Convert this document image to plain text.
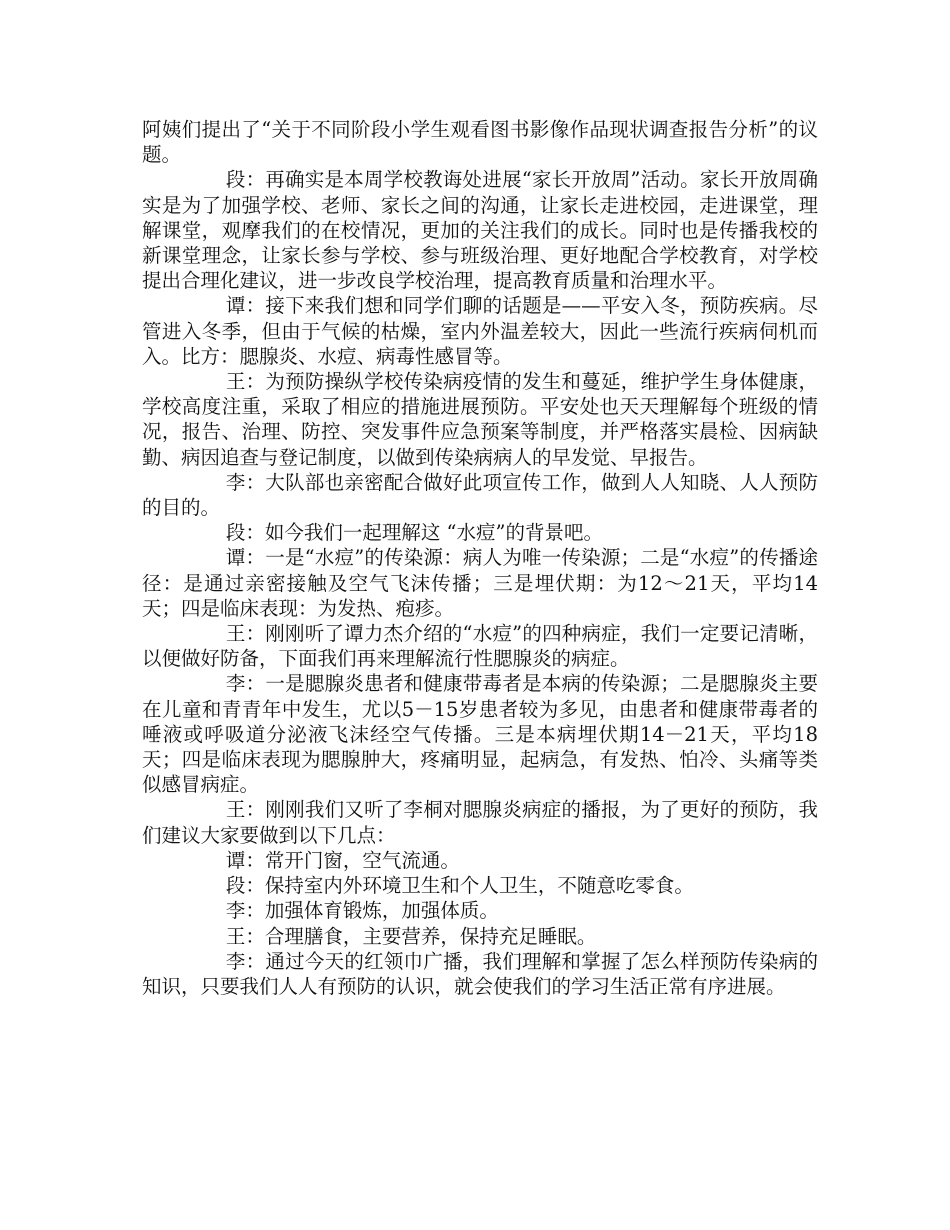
阿姨们提出了“关于不同阶段小学生观看图书影像作品现状调查报告分析”的议题。

段：再确实是本周学校教诲处进展“家长开放周”活动。家长开放周确实是为了加强学校、老师、家长之间的沟通，让家长走进校园，走进课堂，理解课堂，观摩我们的在校情况，更加的关注我们的成长。同时也是传播我校的新课堂理念，让家长参与学校、参与班级治理、更好地配合学校教育，对学校提出合理化建议，进一步改良学校治理，提高教育质量和治理水平。

谭：接下来我们想和同学们聊的话题是——平安入冬，预防疾病。尽管进入冬季，但由于气候的枯燥，室内外温差较大，因此一些流行疾病伺机而入。比方：腮腺炎、水痘、病毒性感冒等。

王：为预防操纵学校传染病疫情的发生和蔓延，维护学生身体健康，学校高度注重，采取了相应的措施进展预防。平安处也天天理解每个班级的情况，报告、治理、防控、突发事件应急预案等制度，并严格落实晨检、因病缺勤、病因追查与登记制度，以做到传染病病人的早发觉、早报告。

李：大队部也亲密配合做好此项宣传工作，做到人人知晓、人人预防的目的。

段：如今我们一起理解这 “水痘”的背景吧。

谭：一是“水痘”的传染源：病人为唯一传染源；二是“水痘”的传播途径：是通过亲密接触及空气飞沫传播；三是埋伏期：为12～21天，平均14天；四是临床表现：为发热、疱疹。

王：刚刚听了谭力杰介绍的“水痘”的四种病症，我们一定要记清晰，以便做好防备，下面我们再来理解流行性腮腺炎的病症。

李：一是腮腺炎患者和健康带毒者是本病的传染源；二是腮腺炎主要在儿童和青青年中发生，尤以5－15岁患者较为多见，由患者和健康带毒者的唾液或呼吸道分泌液飞沫经空气传播。三是本病埋伏期14－21天，平均18天；四是临床表现为腮腺肿大，疼痛明显，起病急，有发热、怕冷、头痛等类似感冒病症。

王：刚刚我们又听了李桐对腮腺炎病症的播报，为了更好的预防，我们建议大家要做到以下几点：

谭：常开门窗，空气流通。

段：保持室内外环境卫生和个人卫生，不随意吃零食。

李：加强体育锻炼，加强体质。

王：合理膳食，主要营养，保持充足睡眠。

李：通过今天的红领巾广播，我们理解和掌握了怎么样预防传染病的知识，只要我们人人有预防的认识，就会使我们的学习生活正常有序进展。
